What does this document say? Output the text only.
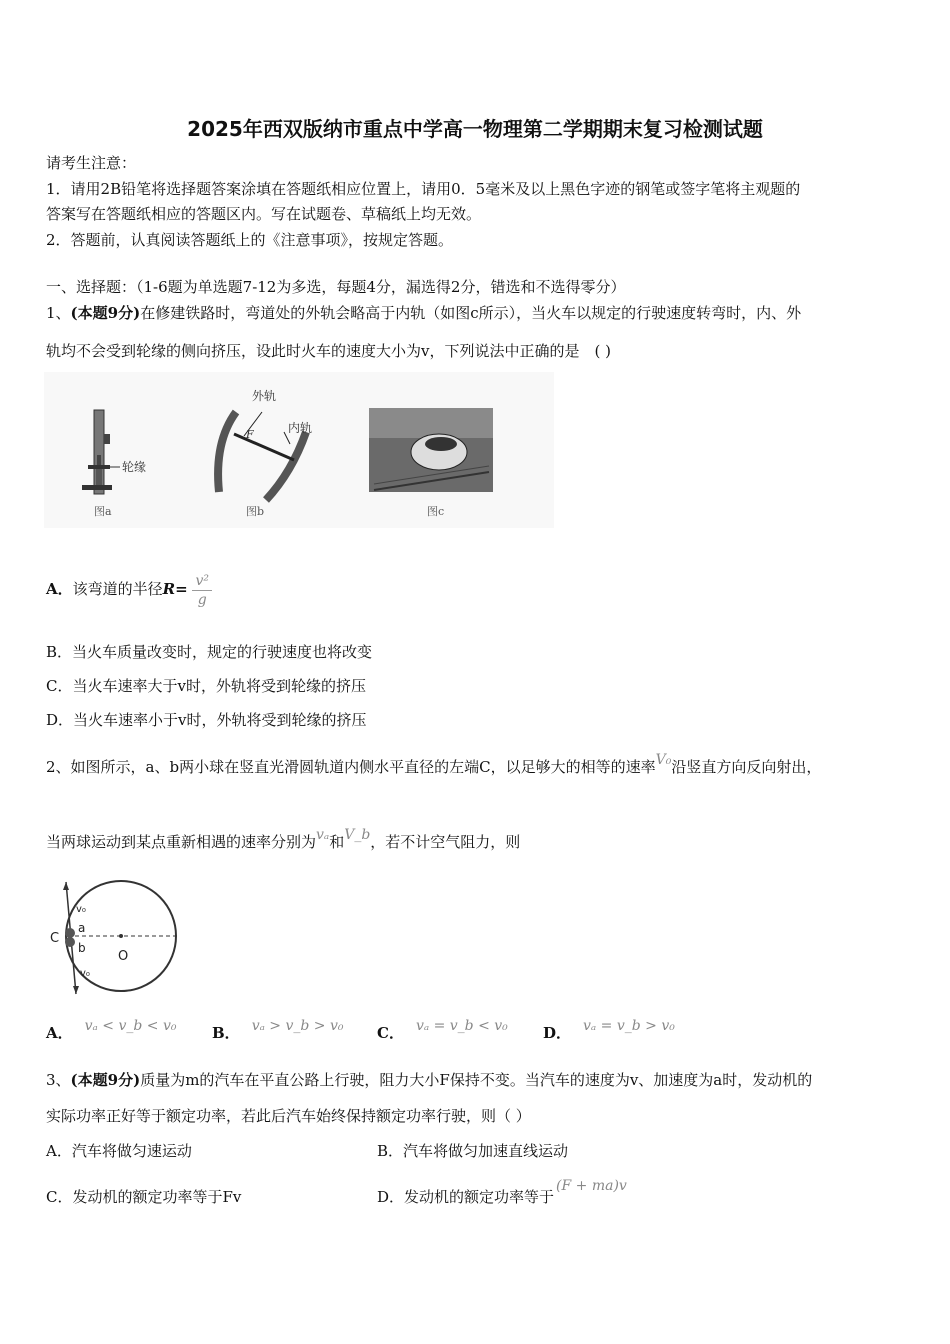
2025年西双版纳市重点中学高一物理第二学期期末复习检测试题
请考生注意：
1．请用2B铅笔将选择题答案涂填在答题纸相应位置上，请用0．5毫米及以上黑色字迹的钢笔或签字笔将主观题的
答案写在答题纸相应的答题区内。写在试题卷、草稿纸上均无效。
2．答题前，认真阅读答题纸上的《注意事项》，按规定答题。
一、选择题：（1-6题为单选题7-12为多选，每题4分，漏选得2分，错选和不选得零分）
1、(本题9分)在修建铁路时，弯道处的外轨会略高于内轨（如图c所示），当火车以规定的行驶速度转弯时，内、外
轨均不会受到轮缘的侧向挤压，设此时火车的速度大小为v，下列说法中正确的是　( )
轮缘
图a
外轨
内轨
F
图b	图c
A．该弯道的半径$R= \frac{\text{v²}}{g}$
B．当火车质量改变时，规定的行驶速度也将改变
C．当火车速率大于v时，外轨将受到轮缘的挤压
D．当火车速率小于v时，外轨将受到轮缘的挤压
2、如图所示，a、b两小球在竖直光滑圆轨道内侧水平直径的左端C，以足够大的相等的速率V₀沿竖直方向反向射出，
当两球运动到某点重新相遇的速率分别为vₐ和V_b，若不计空气阻力，则
C
a
b
O
v₀
v₀
A． vₐ < v_b < v₀ B． vₐ > v_b > v₀ C． vₐ = v_b < v₀ D． vₐ = v_b > v₀
3、(本题9分)质量为m的汽车在平直公路上行驶，阻力大小F保持不变。当汽车的速度为v、加速度为a时，发动机的
实际功率正好等于额定功率，若此后汽车始终保持额定功率行驶，则（ ）
A．汽车将做匀速运动	B．汽车将做匀加速直线运动
C．发动机的额定功率等于Fv	D．发动机的额定功率等于(F + ma)v
